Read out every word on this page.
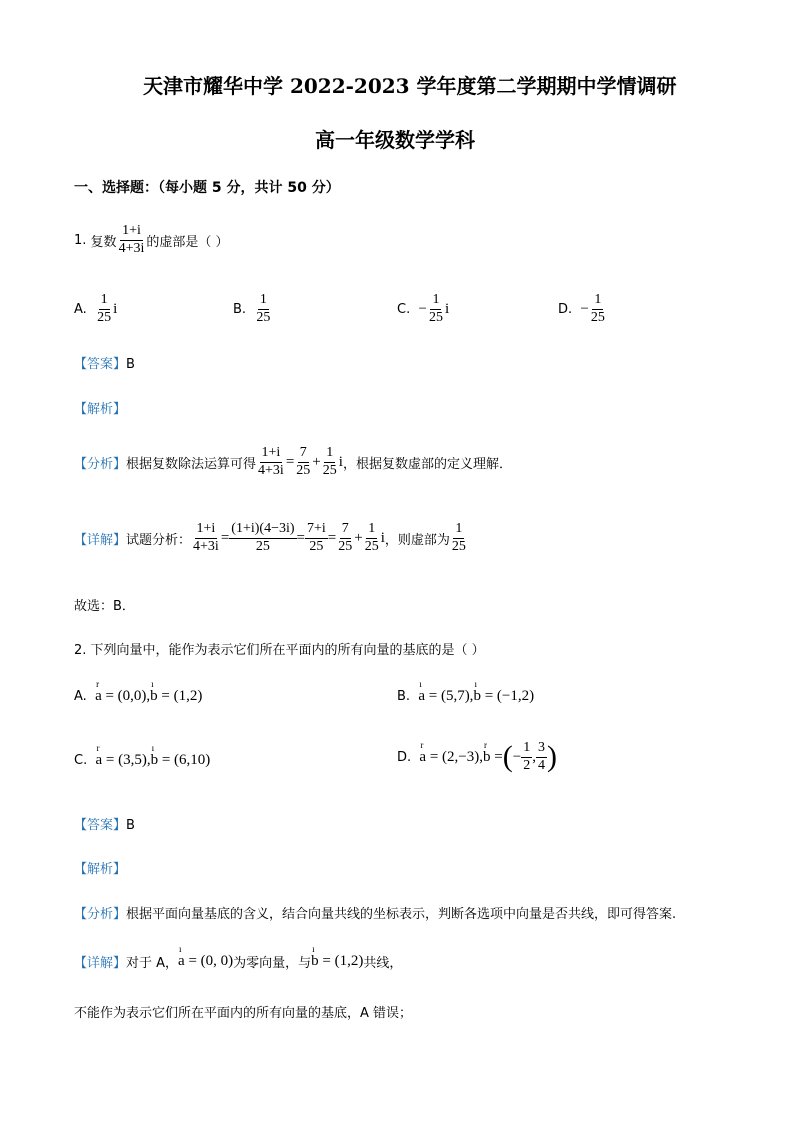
天津市耀华中学 2022-2023 学年度第二学期期中学情调研
高一年级数学学科
一、选择题：（每小题 5 分，共计 50 分）
1.
复数 $\frac{1+i}{4+3i}$ 的虚部是（ ）
A.
$\frac{1}{25}$ i	B.
$\frac{1}{25}$	C.
− $\frac{1}{25}$ i	D.
− $\frac{1}{25}$
【答案】B
【解析】
【分析】 根据复数除法运算可得 $\frac{1+i}{4+3i} = \frac{7}{25} + \frac{1}{25}$ i ，根据复数虚部的定义理解．
【详解】 试题分析： $\frac{1+i}{4+3i} = \frac{(1+i)(4-3i)}{25} = \frac{7+i}{25} = \frac{7}{25} + \frac{1}{25}$ i ，则虚部为 $\frac{1}{25}$
故选：B．
2. 下列向量中，能作为表示它们所在平面内的所有向量的基底的是（ ）
A.

r
a = (0,0),
ı
b = (1,2)	B.

ı
a = (5,7),
ı
b = (−1,2)
C.

r
a = (3,5),
ı
b = (6,10)	D.

r
a = (2,−3),
r
b = ( − $\frac{1}{2}$ , $\frac{3}{4}$ )
【答案】B
【解析】
【分析】根据平面向量基底的含义，结合向量共线的坐标表示，判断各选项中向量是否共线，即可得答案.
【详解】 对于 A，
ı
a = (0, 0) 为零向量，与
ı
b = (1,2) 共线，
不能作为表示它们所在平面内的所有向量的基底，A 错误；
